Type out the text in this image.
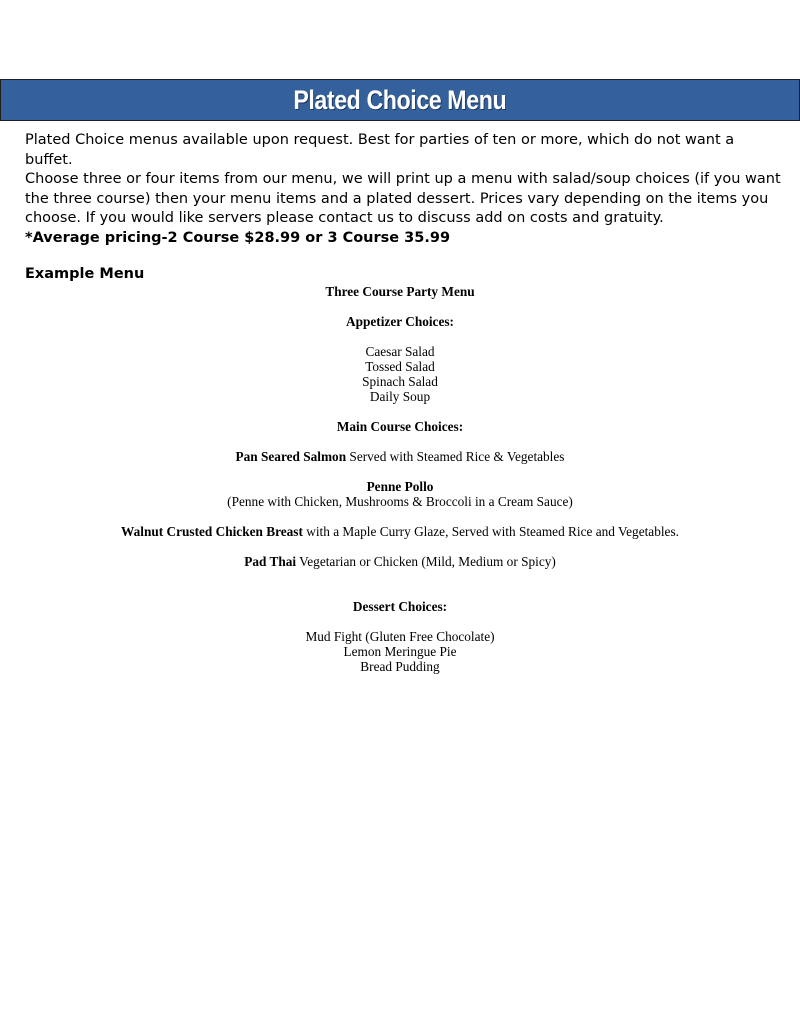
Plated Choice Menu

Plated Choice menus available upon request. Best for parties of ten or more, which do not want a buffet.

Choose three or four items from our menu, we will print up a menu with salad/soup choices (if you want the three course) then your menu items and a plated dessert. Prices vary depending on the items you choose. If you would like servers please contact us to discuss add on costs and gratuity.

*Average pricing-2 Course $28.99 or 3 Course 35.99

Example Menu
Three Course Party Menu
Appetizer Choices:
Caesar Salad
Tossed Salad
Spinach Salad
Daily Soup
Main Course Choices:
Pan Seared Salmon Served with Steamed Rice & Vegetables
Penne Pollo
(Penne with Chicken, Mushrooms & Broccoli in a Cream Sauce)
Walnut Crusted Chicken Breast with a Maple Curry Glaze, Served with Steamed Rice and Vegetables.
Pad Thai Vegetarian or Chicken (Mild, Medium or Spicy)
Dessert Choices:
Mud Fight (Gluten Free Chocolate)
Lemon Meringue Pie
Bread Pudding
